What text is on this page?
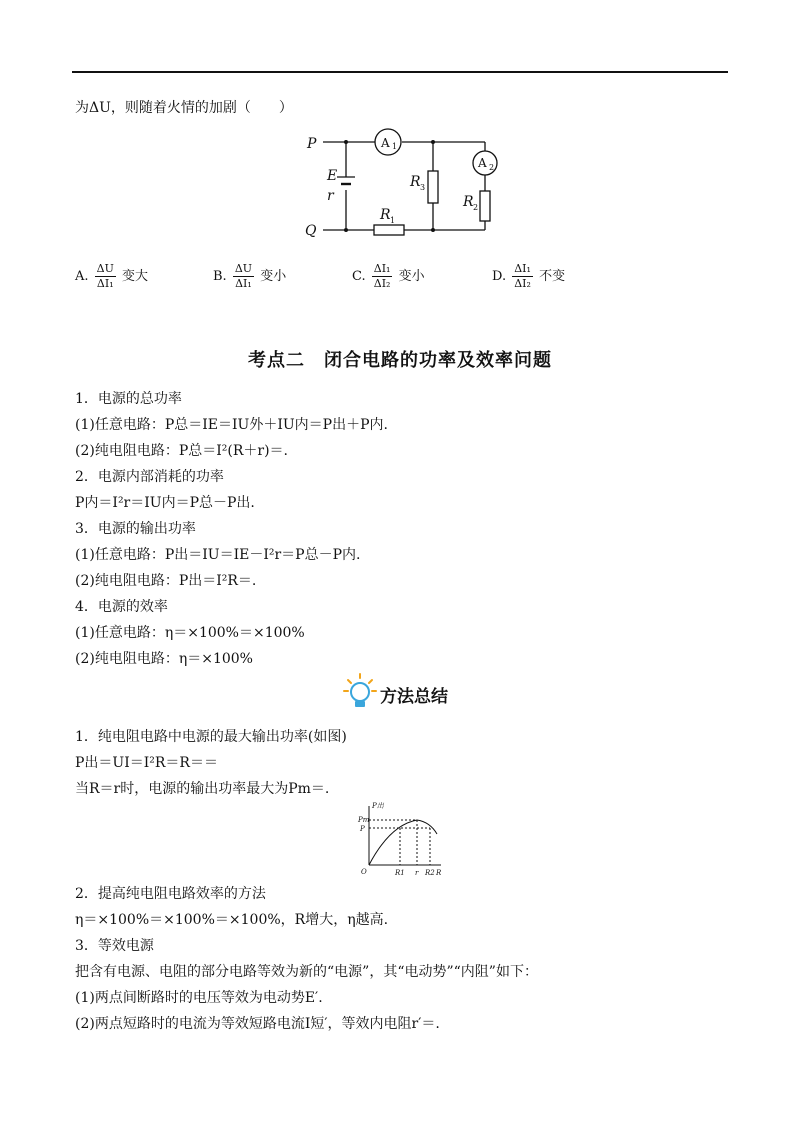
为ΔU，则随着火情的加剧（　　）
P
Q
E
r
R
R
R
3
1
2
1
2
A
A
A. $\frac{\Delta U}{\text{ΔI₁}}$ 变大	B. $\frac{\Delta U}{\text{ΔI₁}}$ 变小	C. $\frac{\text{ΔI₁}}{\text{ΔI₂}}$ 变小	D. $\frac{\text{ΔI₁}}{\text{ΔI₂}}$ 不变
考点二　闭合电路的功率及效率问题
1．电源的总功率
(1)任意电路：P总＝IE＝IU外＋IU内＝P出＋P内.
(2)纯电阻电路：P总＝I²(R＋r)＝.
2．电源内部消耗的功率
P内＝I²r＝IU内＝P总－P出.
3．电源的输出功率
(1)任意电路：P出＝IU＝IE－I²r＝P总－P内.
(2)纯电阻电路：P出＝I²R＝.
4．电源的效率
(1)任意电路：η＝×100%＝×100%
(2)纯电阻电路：η＝×100%
方法总结
1．纯电阻电路中电源的最大输出功率(如图)
P出＝UI＝I²R＝R＝＝
当R＝r时，电源的输出功率最大为Pm＝.
P出
Pm
P
O	R1 r R2 R
2．提高纯电阻电路效率的方法
η＝×100%＝×100%＝×100%，R增大，η越高.
3．等效电源
把含有电源、电阻的部分电路等效为新的“电源”，其“电动势”“内阻”如下：
(1)两点间断路时的电压等效为电动势E′.
(2)两点短路时的电流为等效短路电流I短′，等效内电阻r′＝.
